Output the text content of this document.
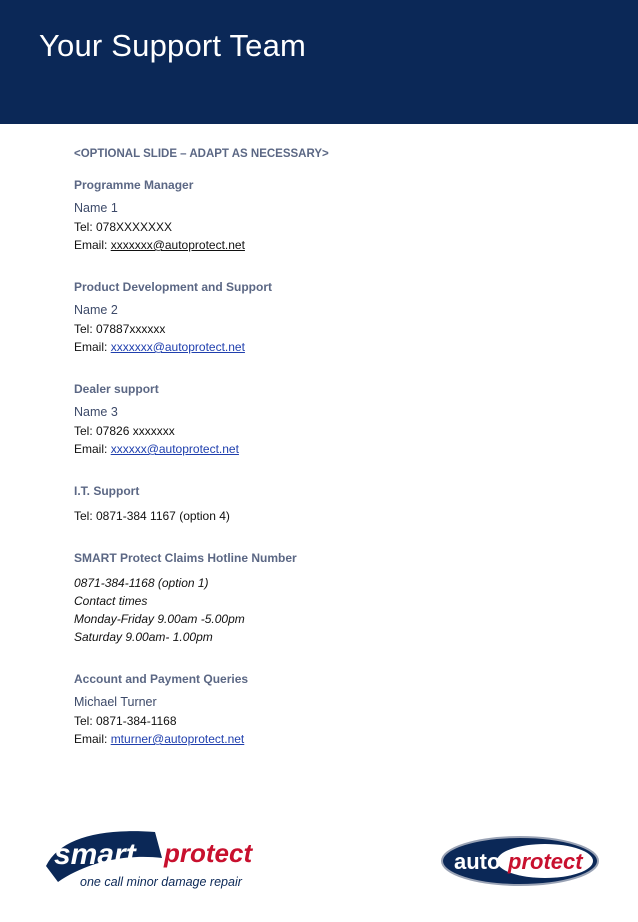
Your Support Team

<OPTIONAL SLIDE – ADAPT AS NECESSARY>

Programme Manager

Name 1

Tel: 078XXXXXXX

Email: xxxxxxx@autoprotect.net

Product Development and Support

Name 2

Tel: 07887xxxxxx

Email: xxxxxxx@autoprotect.net

Dealer support

Name 3

Tel: 07826 xxxxxxx

Email: xxxxxx@autoprotect.net

I.T. Support

Tel: 0871-384 1167 (option 4)

SMART Protect Claims Hotline Number

0871-384-1168 (option 1)

Contact times

Monday-Friday 9.00am -5.00pm

Saturday 9.00am- 1.00pm

Account and Payment Queries

Michael Turner

Tel: 0871-384-1168

Email: mturner@autoprotect.net

smart protect
one call minor damage repair
auto protect
